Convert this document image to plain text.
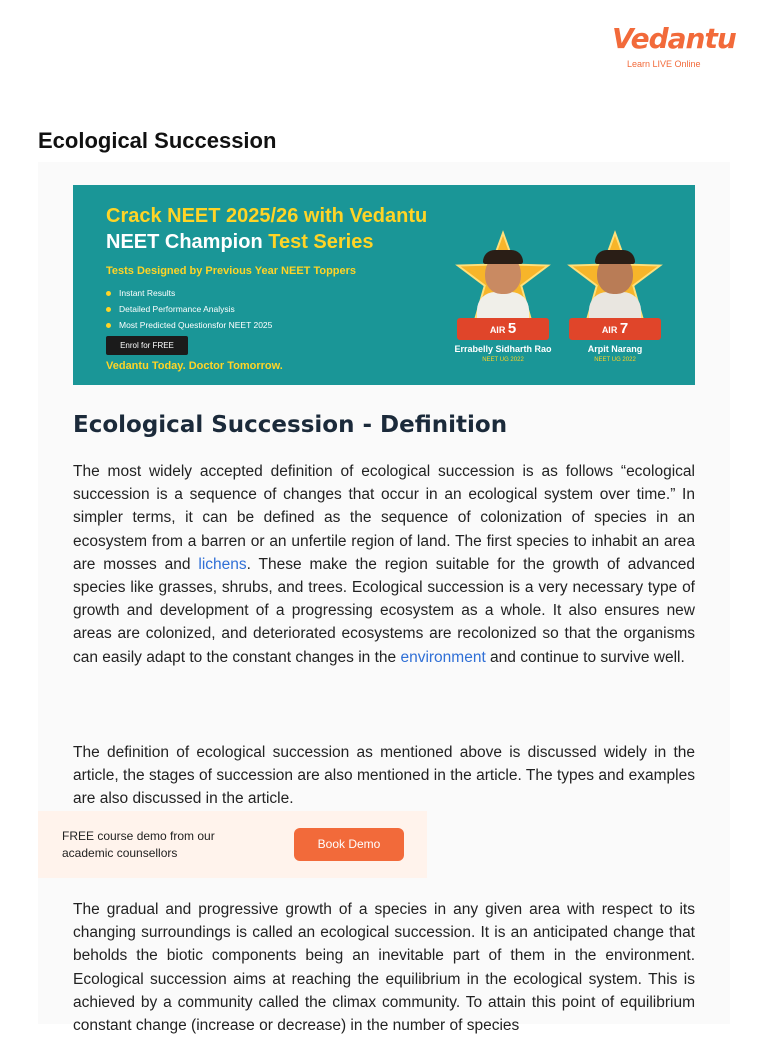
Vedantu
Learn LIVE Online
Ecological Succession
Crack NEET 2025/26 with Vedantu
NEET Champion Test Series
Tests Designed by Previous Year NEET Toppers
Instant Results
Detailed Performance Analysis
Most Predicted Questionsfor NEET 2025
Enrol for FREE
Vedantu Today. Doctor Tomorrow.
AIR 5
Errabelly Sidharth Rao
NEET UG 2022
AIR 7
Arpit Narang
NEET UG 2022
Ecological Succession - Definition

The most widely accepted definition of ecological succession is as follows “ecological succession is a sequence of changes that occur in an ecological system over time.” In simpler terms, it can be defined as the sequence of colonization of species in an ecosystem from a barren or an unfertile region of land. The first species to inhabit an area are mosses and lichens. These make the region suitable for the growth of advanced species like grasses, shrubs, and trees. Ecological succession is a very necessary type of growth and development of a progressing ecosystem as a whole. It also ensures new areas are colonized, and deteriorated ecosystems are recolonized so that the organisms can easily adapt to the constant changes in the environment and continue to survive well.

The definition of ecological succession as mentioned above is discussed widely in the article, the stages of succession are also mentioned in the article. The types and examples are also discussed in the article.

The gradual and progressive growth of a species in any given area with respect to its changing surroundings is called an ecological succession. It is an anticipated change that beholds the biotic components being an inevitable part of them in the environment. Ecological succession aims at reaching the equilibrium in the ecological system. This is achieved by a community called the climax community. To attain this point of equilibrium constant change (increase or decrease) in the number of species

FREE course demo from our academic counsellors
Book Demo
